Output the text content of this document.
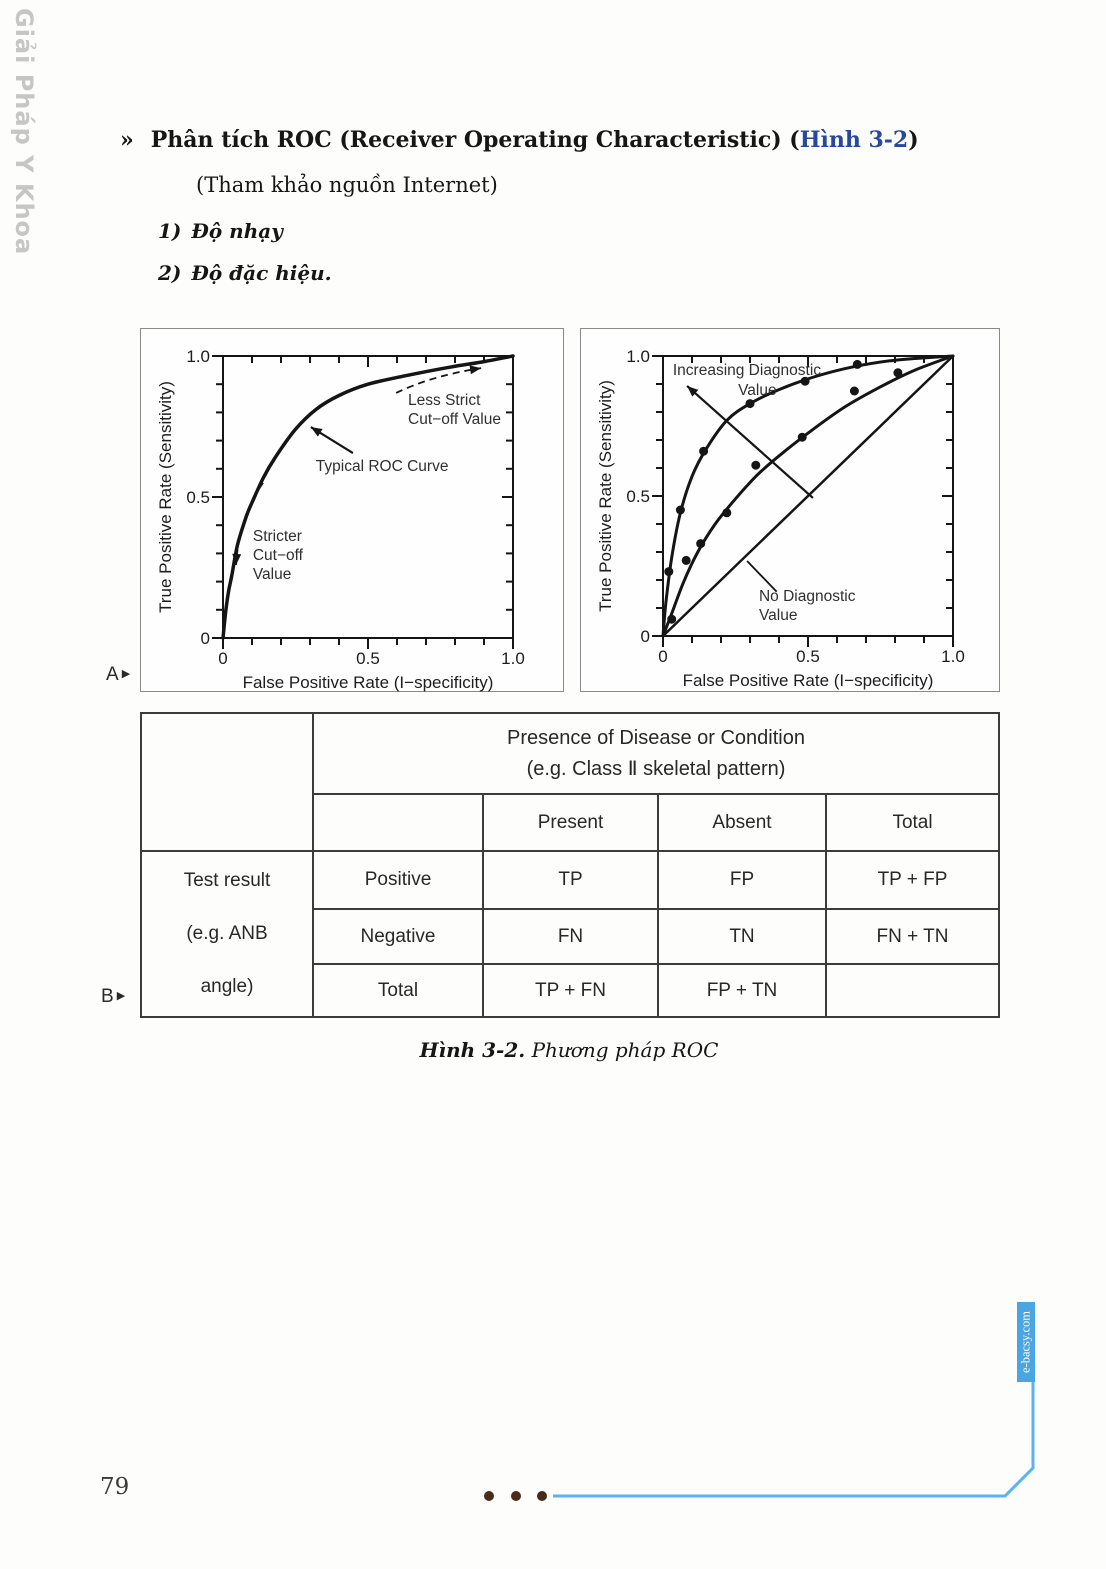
Giải Pháp Y Khoa	» Phân tích ROC (Receiver Operating Characteristic) (Hình 3-2)
(Tham khảo nguồn Internet)
1) Độ nhạy
2) Độ đặc hiệu.
0
0
0.5
0.5
1.0
1.0
False Positive Rate (I−specificity)
True Positive Rate (Sensitivity)	Less Strict
Cut−off Value
Typical ROC Curve
Stricter
Cut−off
Value
0
0
0.5
0.5
1.0
1.0
False Positive Rate (I−specificity)
True Positive Rate (Sensitivity)
Increasing Diagnostic
Value
No Diagnostic
Value
A ▶
B ▶

	Presence of Disease or Condition
(e.g. Class Ⅱ skeletal pattern)			

		Present	Absent	Total

Test result
(e.g. ANB
angle)	Positive	TP	FP	TP + FP
	Negative	FN	TN	FN + TN
	Total	TP + FN	FP + TN	
Hình 3-2. Phương pháp ROC
79
e-bacsy.com
